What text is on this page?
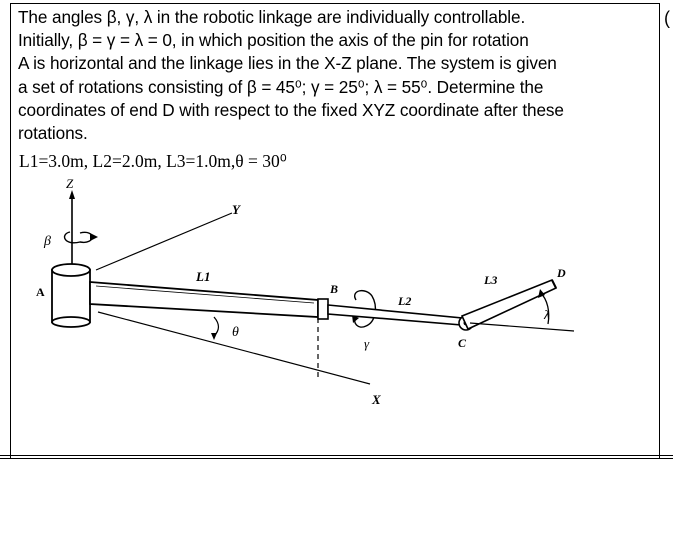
(

The angles β, γ, λ in the robotic linkage are individually controllable.

Initially, β = γ = λ = 0, in which position the axis of the pin for rotation

A is horizontal and the linkage lies in the X-Z plane. The system is given

a set of rotations consisting of β = 45⁰; γ = 25⁰; λ = 55⁰. Determine the

coordinates of end D with respect to the fixed XYZ coordinate after these

rotations.

L1=3.0m, L2=2.0m, L3=1.0m,θ = 30⁰
Z
Y
X
β
A
L1
θ
B
γ
L2
C
L3	D
λ
